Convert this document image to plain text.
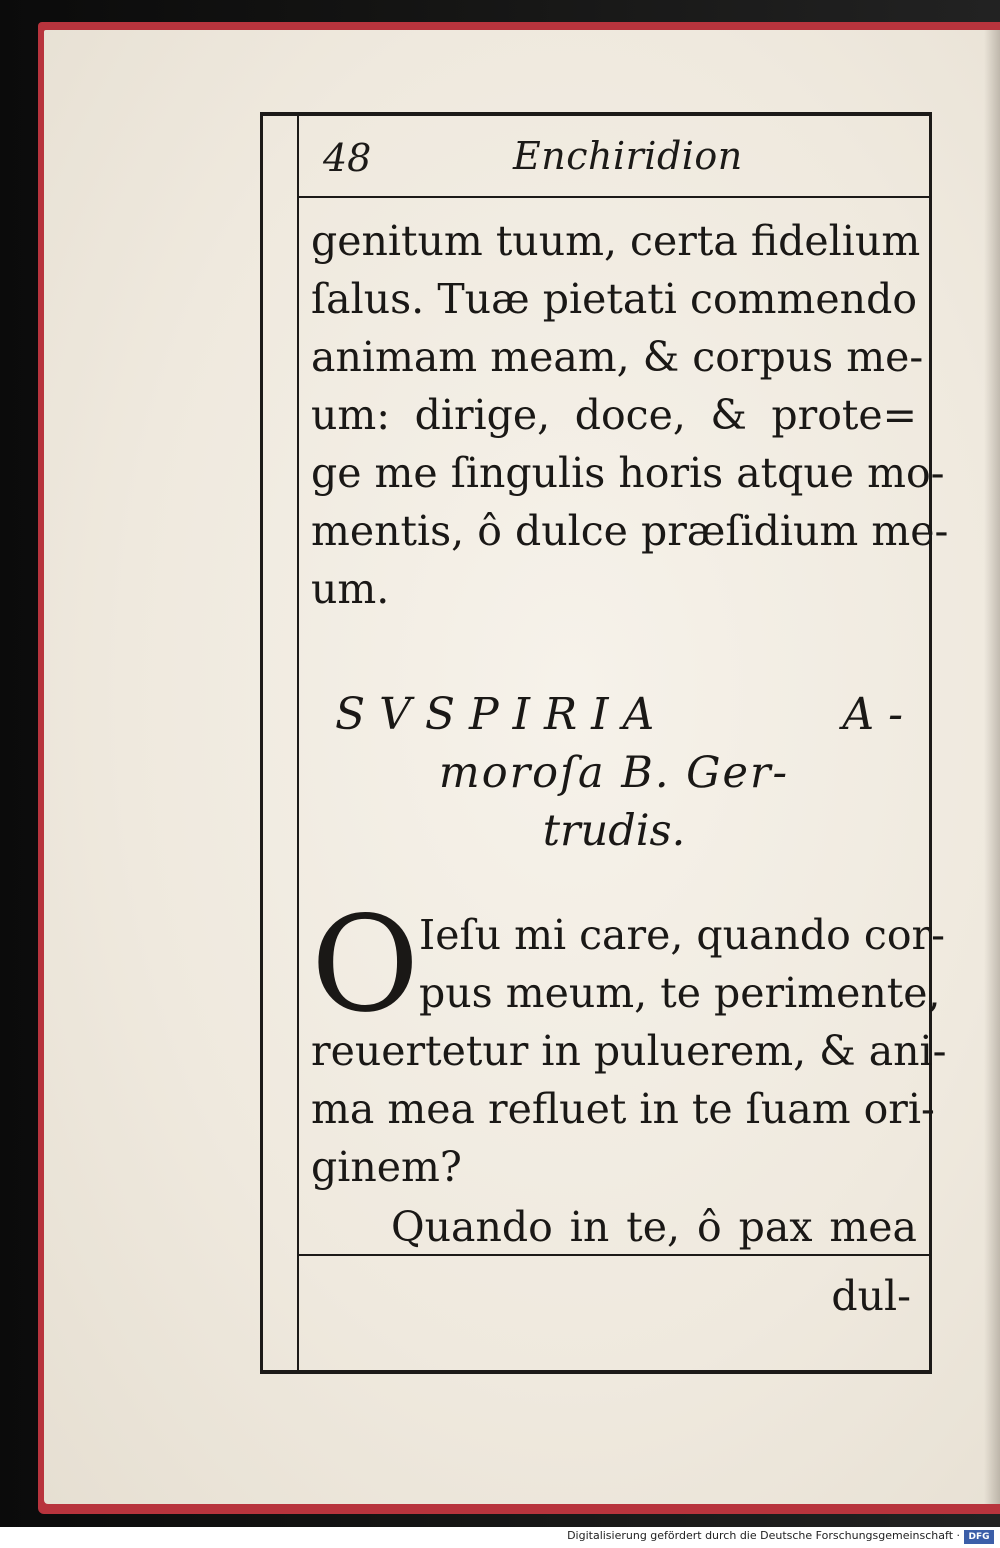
48	Enchiridion
genitum tuum, certa fidelium
ſalus. Tuæ pietati commendo
animam meam, & corpus me-
um: dirige, doce, & prote=
ge me ſingulis horis atque mo-
mentis, ô dulce præſidium me-
um.
SVSPIRIA A-
moroſa B. Ger-
trudis.
O Ieſu mi care, quando cor-
pus meum, te perimente,
reuertetur in puluerem, & ani-
ma mea refluet in te ſuam ori-
ginem?
Quando in te, ô pax mea
dul-
Digitalisierung gefördert durch die Deutsche Forschungsgemeinschaft · DFG
